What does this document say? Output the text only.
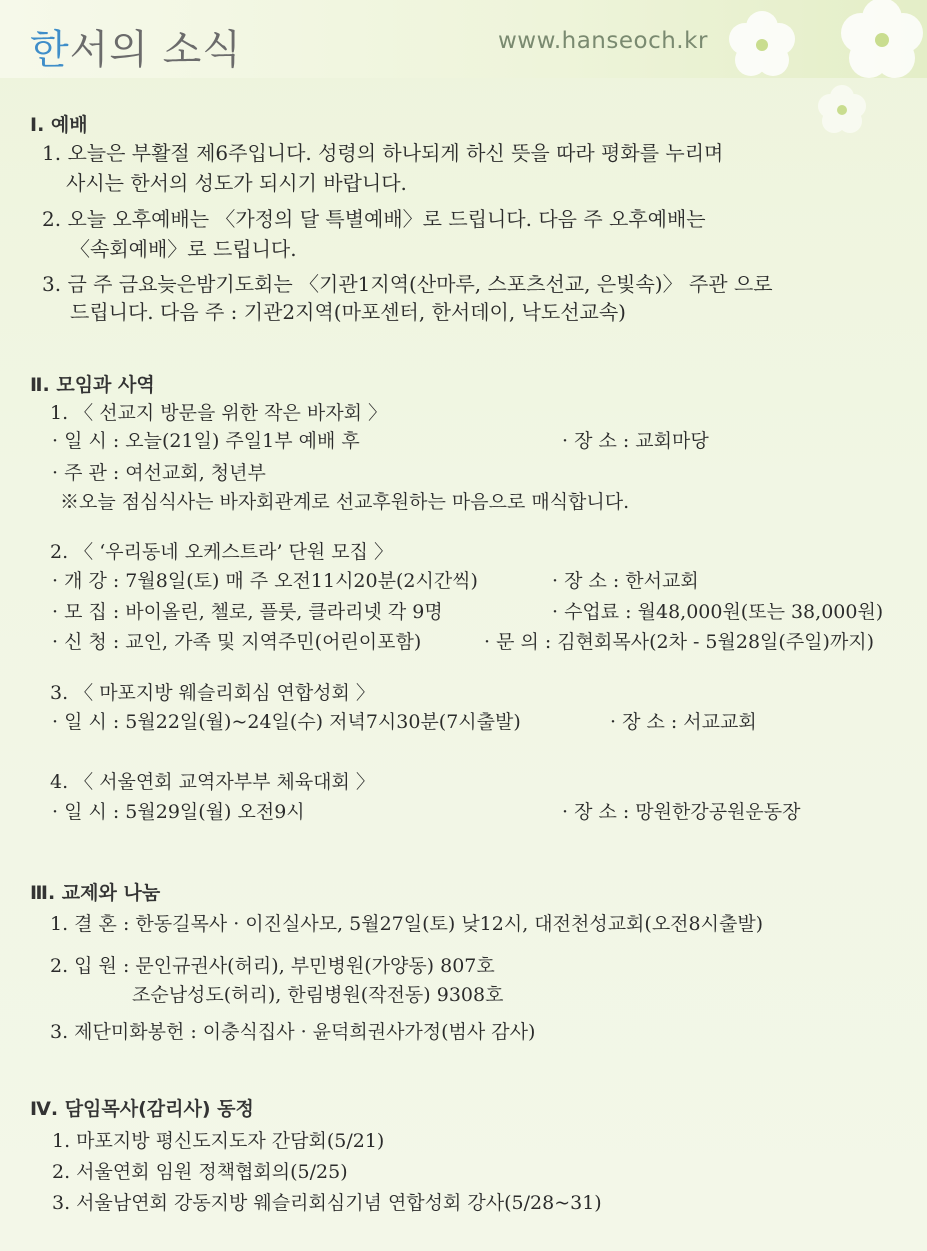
한서의 소식	www.hanseoch.kr
Ⅰ. 예배
1. 오늘은 부활절 제6주입니다. 성령의 하나되게 하신 뜻을 따라 평화를 누리며
사시는 한서의 성도가 되시기 바랍니다.
2. 오늘 오후예배는 〈가정의 달 특별예배〉로 드립니다. 다음 주 오후예배는
〈속회예배〉로 드립니다.
3. 금 주 금요늦은밤기도회는 〈기관1지역(산마루, 스포츠선교, 은빛속)〉 주관 으로
드립니다. 다음 주 : 기관2지역(마포센터, 한서데이, 낙도선교속)
Ⅱ. 모임과 사역
1. 〈 선교지 방문을 위한 작은 바자회 〉
· 일 시 : 오늘(21일) 주일1부 예배 후	· 장 소 : 교회마당
· 주 관 : 여선교회, 청년부
※오늘 점심식사는 바자회관계로 선교후원하는 마음으로 매식합니다.
2. 〈 ‘우리동네 오케스트라’ 단원 모집 〉
· 개 강 : 7월8일(토) 매 주 오전11시20분(2시간씩)	· 장 소 : 한서교회
· 모 집 : 바이올린, 첼로, 플룻, 클라리넷 각 9명	· 수업료 : 월48,000원(또는 38,000원)
· 신 청 : 교인, 가족 및 지역주민(어린이포함)	· 문 의 : 김현회목사(2차 - 5월28일(주일)까지)
3. 〈 마포지방 웨슬리회심 연합성회 〉
· 일 시 : 5월22일(월)~24일(수) 저녁7시30분(7시출발)	· 장 소 : 서교교회
4. 〈 서울연회 교역자부부 체육대회 〉
· 일 시 : 5월29일(월) 오전9시	· 장 소 : 망원한강공원운동장
Ⅲ. 교제와 나눔
1. 결 혼 : 한동길목사 · 이진실사모, 5월27일(토) 낮12시, 대전천성교회(오전8시출발)
2. 입 원 : 문인규권사(허리), 부민병원(가양동) 807호
조순남성도(허리), 한림병원(작전동) 9308호
3. 제단미화봉헌 : 이충식집사 · 윤덕희권사가정(범사 감사)
Ⅳ. 담임목사(감리사) 동정
1. 마포지방 평신도지도자 간담회(5/21)
2. 서울연회 임원 정책협회의(5/25)
3. 서울남연회 강동지방 웨슬리회심기념 연합성회 강사(5/28~31)
